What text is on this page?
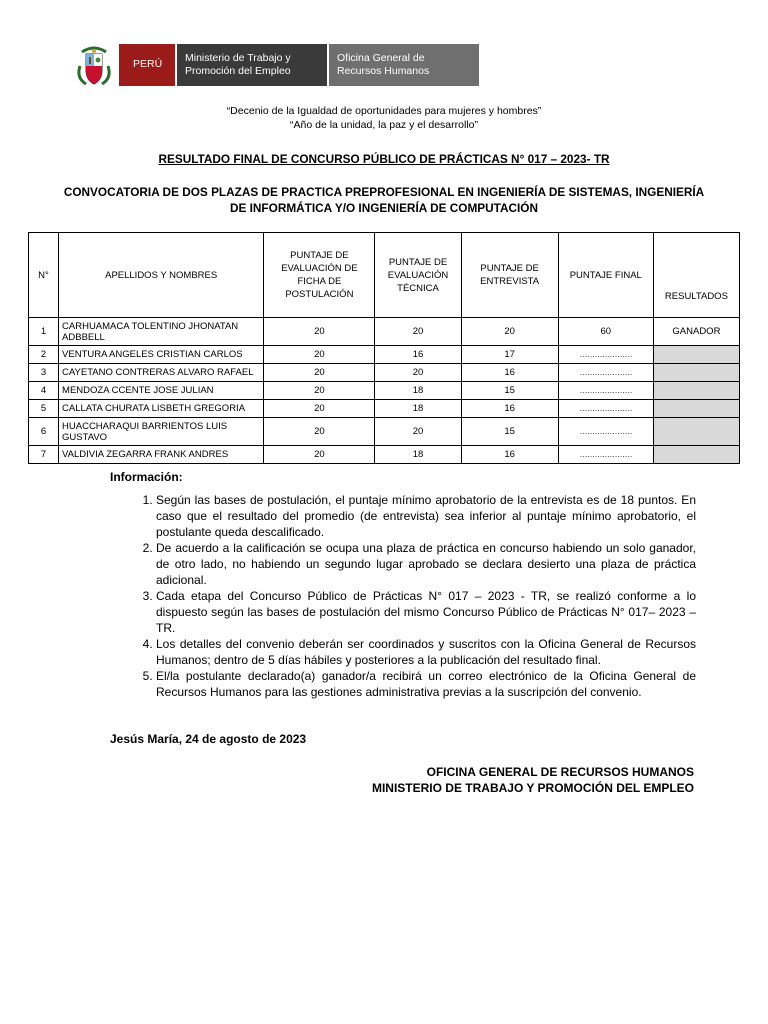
PERÚ	Ministerio de Trabajo y
Promoción del Empleo
Oficina General de
Recursos Humanos
“Decenio de la Igualdad de oportunidades para mujeres y hombres”
“Año de la unidad, la paz y el desarrollo”
RESULTADO FINAL DE CONCURSO PÚBLICO DE PRÁCTICAS N° 017 – 2023- TR
CONVOCATORIA DE DOS PLAZAS DE PRACTICA PREPROFESIONAL EN INGENIERÍA DE SISTEMAS, INGENIERÍA
DE INFORMÁTICA Y/O INGENIERÍA DE COMPUTACIÓN
N°	APELLIDOS Y NOMBRES	PUNTAJE DE EVALUACIÓN DE FICHA DE POSTULACIÓN	PUNTAJE DE EVALUACIÓN TÉCNICA	PUNTAJE DE ENTREVISTA	PUNTAJE FINAL	RESULTADOS
1	CARHUAMACA TOLENTINO JHONATAN ADBBELL	20	20	20	60	GANADOR
2	VENTURA ANGELES CRISTIAN CARLOS	20	16	17	…………………	
3	CAYETANO CONTRERAS ALVARO RAFAEL	20	20	16	…………………	
4	MENDOZA CCENTE JOSE JULIAN	20	18	15	…………………	
5	CALLATA CHURATA LISBETH GREGORIA	20	18	16	…………………	
6	HUACCHARAQUI BARRIENTOS LUIS GUSTAVO	20	20	15	…………………	
7	VALDIVIA ZEGARRA FRANK ANDRES	20	18	16	…………………	
Información:
1. Según las bases de postulación, el puntaje mínimo aprobatorio de la entrevista es de 18 puntos. En caso que el resultado del promedio (de entrevista) sea inferior al puntaje mínimo aprobatorio, el postulante queda descalificado.
2. De acuerdo a la calificación se ocupa una plaza de práctica en concurso habiendo un solo ganador, de otro lado, no habiendo un segundo lugar aprobado se declara desierto una plaza de práctica adicional.
3. Cada etapa del Concurso Público de Prácticas N° 017 – 2023 - TR, se realizó conforme a lo dispuesto según las bases de postulación del mismo Concurso Público de Prácticas N° 017– 2023 – TR.
4. Los detalles del convenio deberán ser coordinados y suscritos con la Oficina General de Recursos Humanos; dentro de 5 días hábiles y posteriores a la publicación del resultado final.
5. El/la postulante declarado(a) ganador/a recibirá un correo electrónico de la Oficina General de Recursos Humanos para las gestiones administrativa previas a la suscripción del convenio.
Jesús María, 24 de agosto de 2023
OFICINA GENERAL DE RECURSOS HUMANOS
MINISTERIO DE TRABAJO Y PROMOCIÓN DEL EMPLEO
